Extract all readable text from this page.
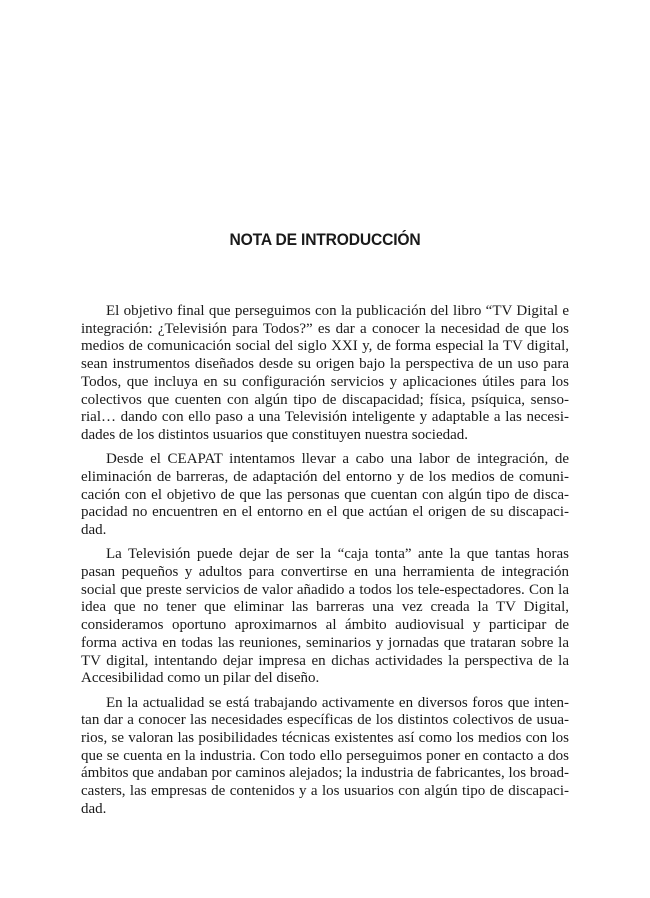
NOTA DE INTRODUCCIÓN

El objetivo final que perseguimos con la publicación del libro “TV Digital e integración: ¿Televisión para Todos?” es dar a conocer la necesidad de que los medios de comunicación social del siglo XXI y, de forma especial la TV digital, sean instrumentos diseñados desde su origen bajo la perspectiva de un uso para Todos, que incluya en su configuración servicios y aplicaciones útiles para los colectivos que cuenten con algún tipo de discapacidad; física, psíquica, sensorial… dando con ello paso a una Televisión inteligente y adaptable a las necesidades de los distintos usuarios que constituyen nuestra sociedad.

Desde el CEAPAT intentamos llevar a cabo una labor de integración, de eliminación de barreras, de adaptación del entorno y de los medios de comunicación con el objetivo de que las personas que cuentan con algún tipo de discapacidad no encuentren en el entorno en el que actúan el origen de su discapacidad.

La Televisión puede dejar de ser la “caja tonta” ante la que tantas horas pasan pequeños y adultos para convertirse en una herramienta de integración social que preste servicios de valor añadido a todos los tele-espectadores. Con la idea que no tener que eliminar las barreras una vez creada la TV Digital, consideramos oportuno aproximarnos al ámbito audiovisual y participar de forma activa en todas las reuniones, seminarios y jornadas que trataran sobre la TV digital, intentando dejar impresa en dichas actividades la perspectiva de la Accesibilidad como un pilar del diseño.

En la actualidad se está trabajando activamente en diversos foros que intentan dar a conocer las necesidades específicas de los distintos colectivos de usuarios, se valoran las posibilidades técnicas existentes así como los medios con los que se cuenta en la industria. Con todo ello perseguimos poner en contacto a dos ámbitos que andaban por caminos alejados; la industria de fabricantes, los broadcasters, las empresas de contenidos y a los usuarios con algún tipo de discapacidad.
